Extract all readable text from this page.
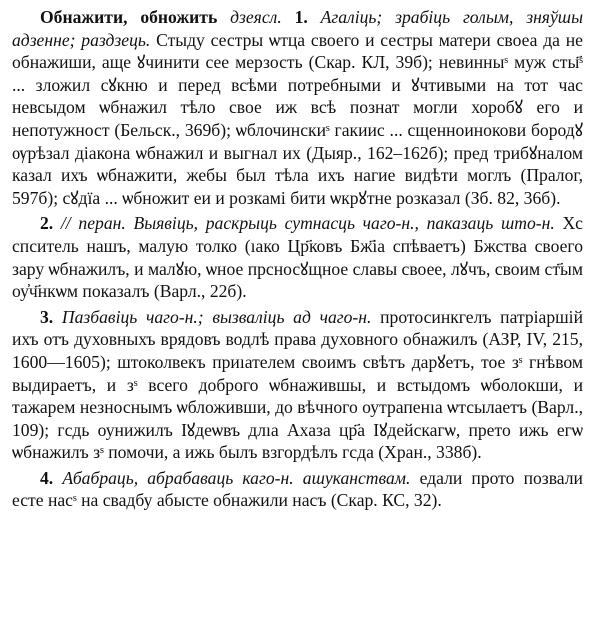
Обнажити, обножить дзеясл. 1. Агаліць; зрабіць голым, зняўшы адзенне; раздзець. Стыду сестры ѡтца своего и сестры матери своеа да не обнажиши, аще ꙋчинити сее мерзость (Скар. КЛ, 39б); невинныˢ муж сты҃ˢ ... зложил сꙋкню и перед всѣми потребными и ꙋчтивыми на тот час невсыдом ѡбнажил тѣло свое иж всѣ познат могли хоробꙋ его и непотужност (Бельск., 369б); ѡблочинскиˢ гакиис ... сщенноинокови бородꙋ ѹрѣзал діакона ѡбнажил и выгнал их (Дыяр., 162–162б); пред трибꙋналом казал ихъ ѡбнажити, жебы был тѣла ихъ нагие видѣти моглъ (Пралог, 597б); сꙋдїа ... ѡбножит еи и розкамі бити ѡкрꙋтне розказал (Зб. 82, 36б).

2. // перан. Выявіць, раскрыць сутнасць чаго-н., паказаць што-н. Хс спситель нашъ, малую толко (ıако Цр҃ковъ Бж҃іа спѣваетъ) Бжства своего зару ѡбнажилъ, и малꙋю, ѡное прсносꙋщное славы своее, лꙋчъ, своим ст҃ым оу҆ч҃нкѡм показалъ (Варл., 22б).

3. Пазбавіць чаго-н.; вызваліць ад чаго-н. протосинкгелъ патріаршій ихъ отъ духовныхъ врядовъ водлѣ права духовного обнажилъ (АЗР, IV, 215, 1600—1605); штоколвекъ приıателем своимъ свѣтъ дарꙋетъ, тое зˢ гнѣвом выдираетъ, и зˢ всего доброго ѡбнажившы, и встыдомъ ѡболокши, и тажарем незноснымъ ѡбложивши, до вѣчного оутрапенıа ѡтсылаетъ (Варл., 109); гсдь оунижилъ Іꙋдеѡвъ длıа Ахаза цр҃а Іꙋдейскагѡ, прето ижь егѡ ѡбнажилъ зˢ помочи, а ижь былъ взгордѣлъ гсда (Хран., 338б).

4. Абабраць, абрабаваць каго-н. ашуканствам. едали прото позвали есте насˢ на свадбу абысте обнажили насъ (Скар. КС, 32).
